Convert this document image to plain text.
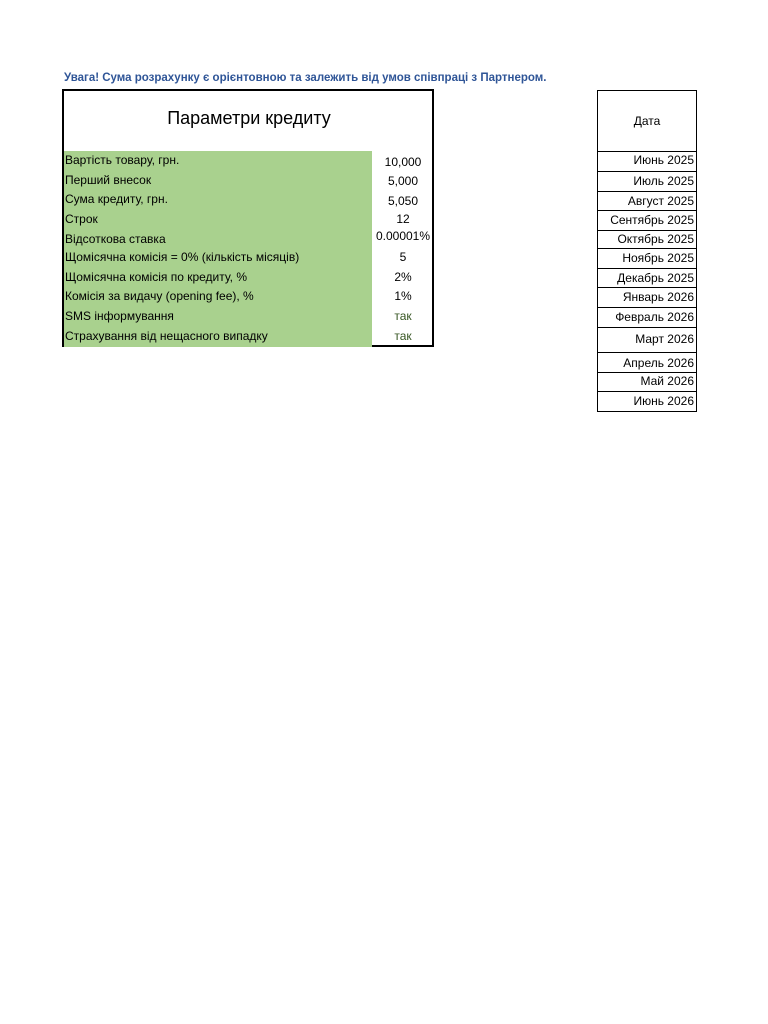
Увага! Сума розрахунку є орієнтовною та залежить від умов співпраці з Партнером.
Параметри кредиту
Вартість товару, грн.	10,000
Перший внесок	5,000
Сума кредиту, грн.	5,050
Строк	12
Відсоткова ставка	0.00001%
Щомісячна комісія = 0% (кількість місяців)	5
Щомісячна комісія по кредиту, %	2%
Комісія за видачу (opening fee), %	1%
SMS інформування	так
Страхування від нещасного випадку	так
Дата
Июнь 2025
Июль 2025
Август 2025
Сентябрь 2025
Октябрь 2025
Ноябрь 2025
Декабрь 2025
Январь 2026
Февраль 2026
Март 2026
Апрель 2026
Май 2026
Июнь 2026
